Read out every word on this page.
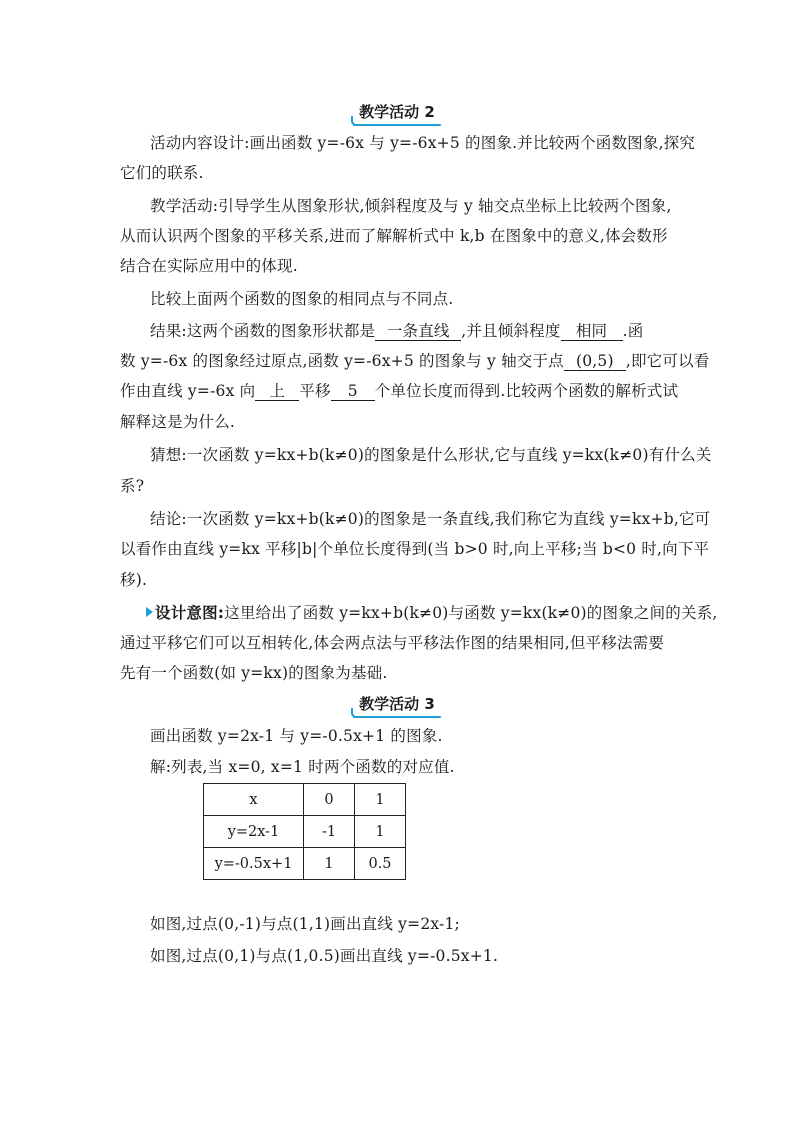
教学活动 2
活动内容设计:画出函数 y=-6x 与 y=-6x+5 的图象.并比较两个函数图象,探究
它们的联系.
教学活动:引导学生从图象形状,倾斜程度及与 y 轴交点坐标上比较两个图象,
从而认识两个图象的平移关系,进而了解解析式中 k,b 在图象中的意义,体会数形
结合在实际应用中的体现.
比较上面两个函数的图象的相同点与不同点.
结果:这两个函数的图象形状都是 一条直线 ,并且倾斜程度 相同 .函
数 y=-6x 的图象经过原点,函数 y=-6x+5 的图象与 y 轴交于点 (0,5) ,即它可以看
作由直线 y=-6x 向 上 平移 5 个单位长度而得到.比较两个函数的解析式试
解释这是为什么.
猜想:一次函数 y=kx+b(k≠0)的图象是什么形状,它与直线 y=kx(k≠0)有什么关
系?
结论:一次函数 y=kx+b(k≠0)的图象是一条直线,我们称它为直线 y=kx+b,它可
以看作由直线 y=kx 平移|b|个单位长度得到(当 b>0 时,向上平移;当 b<0 时,向下平
移).
设计意图:这里给出了函数 y=kx+b(k≠0)与函数 y=kx(k≠0)的图象之间的关系,
通过平移它们可以互相转化,体会两点法与平移法作图的结果相同,但平移法需要
先有一个函数(如 y=kx)的图象为基础.
教学活动 3
画出函数 y=2x-1 与 y=-0.5x+1 的图象.
解:列表,当 x=0, x=1 时两个函数的对应值.
x	0	1
y=2x-1	-1	1
y=-0.5x+1	1	0.5
如图,过点(0,-1)与点(1,1)画出直线 y=2x-1;
如图,过点(0,1)与点(1,0.5)画出直线 y=-0.5x+1.
